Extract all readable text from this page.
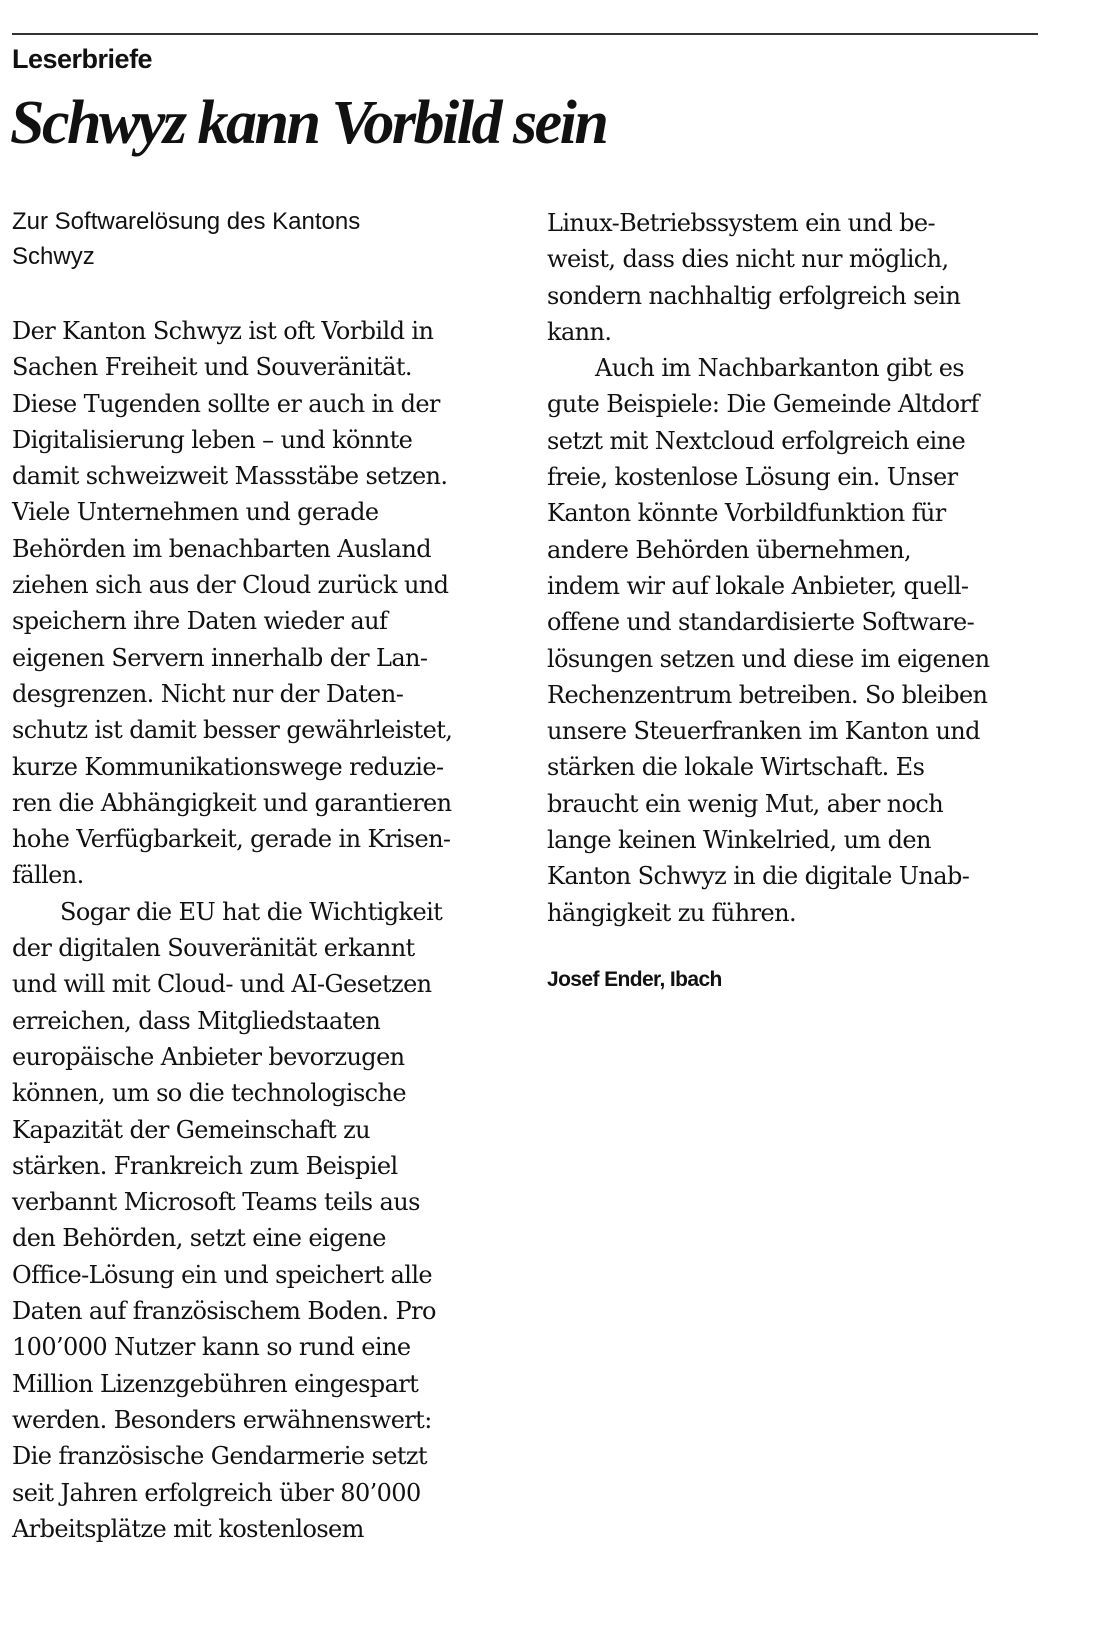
Leserbriefe
Schwyz kann Vorbild sein
Zur Softwarelösung des Kantons
Schwyz
Der Kanton Schwyz ist oft Vorbild in
Sachen Freiheit und Souveränität.
Diese Tugenden sollte er auch in der
Digitalisierung leben – und könnte
damit schweizweit Massstäbe setzen.
Viele Unternehmen und gerade
Behörden im benachbarten Ausland
ziehen sich aus der Cloud zurück und
speichern ihre Daten wieder auf
eigenen Servern innerhalb der Lan-
desgrenzen. Nicht nur der Daten-
schutz ist damit besser gewährleistet,
kurze Kommunikationswege reduzie-
ren die Abhängigkeit und garantieren
hohe Verfügbarkeit, gerade in Krisen-
fällen.
Sogar die EU hat die Wichtigkeit
der digitalen Souveränität erkannt
und will mit Cloud- und AI-Gesetzen
erreichen, dass Mitgliedstaaten
europäische Anbieter bevorzugen
können, um so die technologische
Kapazität der Gemeinschaft zu
stärken. Frankreich zum Beispiel
verbannt Microsoft Teams teils aus
den Behörden, setzt eine eigene
Office-Lösung ein und speichert alle
Daten auf französischem Boden. Pro
100’000 Nutzer kann so rund eine
Million Lizenzgebühren eingespart
werden. Besonders erwähnenswert:
Die französische Gendarmerie setzt
seit Jahren erfolgreich über 80’000
Arbeitsplätze mit kostenlosem
Linux-Betriebssystem ein und be-
weist, dass dies nicht nur möglich,
sondern nachhaltig erfolgreich sein
kann.
Auch im Nachbarkanton gibt es
gute Beispiele: Die Gemeinde Altdorf
setzt mit Nextcloud erfolgreich eine
freie, kostenlose Lösung ein. Unser
Kanton könnte Vorbildfunktion für
andere Behörden übernehmen,
indem wir auf lokale Anbieter, quell-
offene und standardisierte Software-
lösungen setzen und diese im eigenen
Rechenzentrum betreiben. So bleiben
unsere Steuerfranken im Kanton und
stärken die lokale Wirtschaft. Es
braucht ein wenig Mut, aber noch
lange keinen Winkelried, um den
Kanton Schwyz in die digitale Unab-
hängigkeit zu führen.
Josef Ender, Ibach
